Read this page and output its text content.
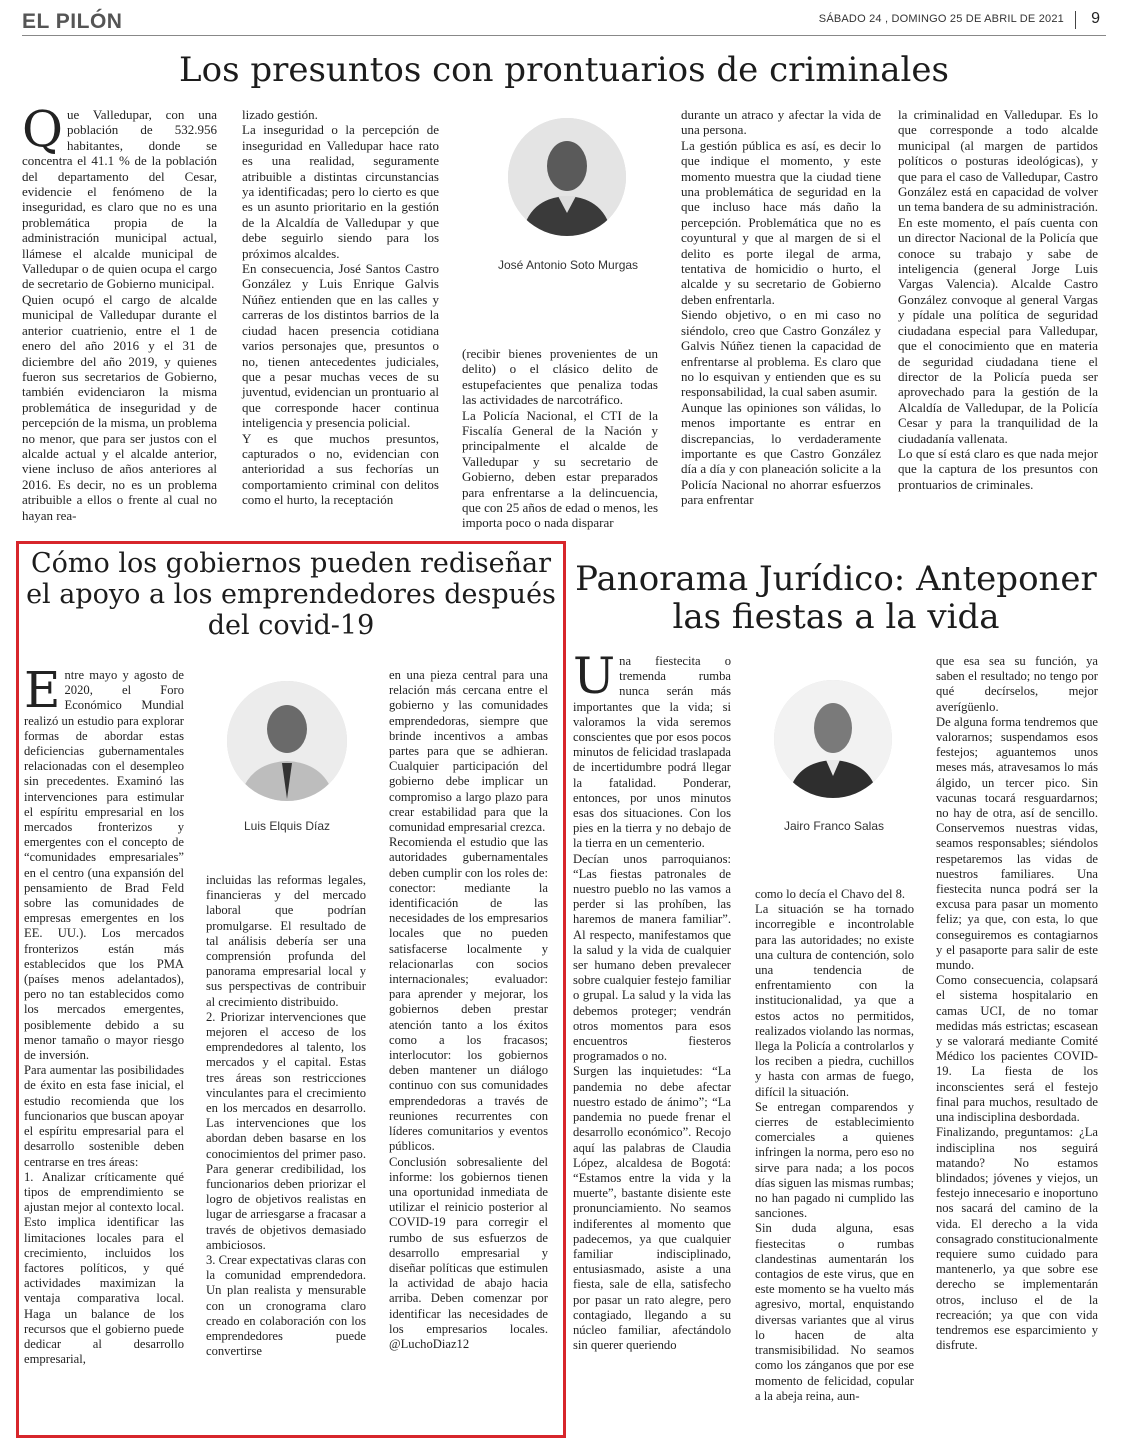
EL PILÓN	SÁBADO 24 , DOMINGO 25 DE ABRIL DE 2021 9
Los presuntos con prontuarios de criminales
Q ue Valledupar, con una población de 532.956 habitantes, donde se concentra el 41.1 % de la población del departamento del Cesar, evidencie el fenómeno de la inseguridad, es claro que no es una problemática propia de la administración municipal actual, llámese el alcalde municipal de Valledupar o de quien ocupa el cargo de secretario de Gobierno municipal.
Quien ocupó el cargo de alcalde municipal de Valledupar durante el anterior cuatrienio, entre el 1 de enero del año 2016 y el 31 de diciembre del año 2019, y quienes fueron sus secretarios de Gobierno, también evidenciaron la misma problemática de inseguridad y de percepción de la misma, un problema no menor, que para ser justos con el alcalde actual y el alcalde anterior, viene incluso de años anteriores al 2016. Es decir, no es un problema atribuible a ellos o frente al cual no hayan rea-
lizado gestión.
La inseguridad o la percepción de inseguridad en Valledupar hace rato es una realidad, seguramente atribuible a distintas circunstancias ya identificadas; pero lo cierto es que es un asunto prioritario en la gestión de la Alcaldía de Valledupar y que debe seguirlo siendo para los próximos alcaldes.
En consecuencia, José Santos Castro González y Luis Enrique Galvis Núñez entienden que en las calles y carreras de los distintos barrios de la ciudad hacen presencia cotidiana varios personajes que, presuntos o no, tienen antecedentes judiciales, que a pesar muchas veces de su juventud, evidencian un prontuario al que corresponde hacer continua inteligencia y presencia policial.
Y es que muchos presuntos, capturados o no, evidencian con anterioridad a sus fechorías un comportamiento criminal con delitos como el hurto, la receptación
José Antonio Soto Murgas
(recibir bienes provenientes de un delito) o el clásico delito de estupefacientes que penaliza todas las actividades de narcotráfico.
La Policía Nacional, el CTI de la Fiscalía General de la Nación y principalmente el alcalde de Valledupar y su secretario de Gobierno, deben estar preparados para enfrentarse a la delincuencia, que con 25 años de edad o menos, les importa poco o nada disparar
durante un atraco y afectar la vida de una persona.
La gestión pública es así, es decir lo que indique el momento, y este momento muestra que la ciudad tiene una problemática de seguridad en la que incluso hace más daño la percepción. Problemática que no es coyuntural y que al margen de si el delito es porte ilegal de arma, tentativa de homicidio o hurto, el alcalde y su secretario de Gobierno deben enfrentarla.
Siendo objetivo, o en mi caso no siéndolo, creo que Castro González y Galvis Núñez tienen la capacidad de enfrentarse al problema. Es claro que no lo esquivan y entienden que es su responsabilidad, la cual saben asumir.
Aunque las opiniones son válidas, lo menos importante es entrar en discrepancias, lo verdaderamente importante es que Castro González día a día y con planeación solicite a la Policía Nacional no ahorrar esfuerzos para enfrentar
la criminalidad en Valledupar. Es lo que corresponde a todo alcalde municipal (al margen de partidos políticos o posturas ideológicas), y que para el caso de Valledupar, Castro González está en capacidad de volver un tema bandera de su administración.
En este momento, el país cuenta con un director Nacional de la Policía que conoce su trabajo y sabe de inteligencia (general Jorge Luis Vargas Valencia). Alcalde Castro González convoque al general Vargas y pídale una política de seguridad ciudadana especial para Valledupar, que el conocimiento que en materia de seguridad ciudadana tiene el director de la Policía pueda ser aprovechado para la gestión de la Alcaldía de Valledupar, de la Policía Cesar y para la tranquilidad de la ciudadanía vallenata.
Lo que sí está claro es que nada mejor que la captura de los presuntos con prontuarios de criminales.
Cómo los gobiernos pueden rediseñar el apoyo a los emprendedores después del covid-19
E ntre mayo y agosto de 2020, el Foro Económico Mundial realizó un estudio para explorar formas de abordar estas deficiencias gubernamentales relacionadas con el desempleo sin precedentes. Examinó las intervenciones para estimular el espíritu empresarial en los mercados fronterizos y emergentes con el concepto de “comunidades empresariales” en el centro (una expansión del pensamiento de Brad Feld sobre las comunidades de empresas emergentes en los EE. UU.). Los mercados fronterizos están más establecidos que los PMA (países menos adelantados), pero no tan establecidos como los mercados emergentes, posiblemente debido a su menor tamaño o mayor riesgo de inversión.
Para aumentar las posibilidades de éxito en esta fase inicial, el estudio recomienda que los funcionarios que buscan apoyar el espíritu empresarial para el desarrollo sostenible deben centrarse en tres áreas:
1. Analizar críticamente qué tipos de emprendimiento se ajustan mejor al contexto local. Esto implica identificar las limitaciones locales para el crecimiento, incluidos los factores políticos, y qué actividades maximizan la ventaja comparativa local. Haga un balance de los recursos que el gobierno puede dedicar al desarrollo empresarial,
Luis Elquis Díaz
incluidas las reformas legales, financieras y del mercado laboral que podrían promulgarse. El resultado de tal análisis debería ser una comprensión profunda del panorama empresarial local y sus perspectivas de contribuir al crecimiento distribuido.
2. Priorizar intervenciones que mejoren el acceso de los emprendedores al talento, los mercados y el capital. Estas tres áreas son restricciones vinculantes para el crecimiento en los mercados en desarrollo. Las intervenciones que los abordan deben basarse en los conocimientos del primer paso. Para generar credibilidad, los funcionarios deben priorizar el logro de objetivos realistas en lugar de arriesgarse a fracasar a través de objetivos demasiado ambiciosos.
3. Crear expectativas claras con la comunidad emprendedora. Un plan realista y mensurable con un cronograma claro creado en colaboración con los emprendedores puede convertirse
en una pieza central para una relación más cercana entre el gobierno y las comunidades emprendedoras, siempre que brinde incentivos a ambas partes para que se adhieran. Cualquier participación del gobierno debe implicar un compromiso a largo plazo para crear estabilidad para que la comunidad empresarial crezca.
Recomienda el estudio que las autoridades gubernamentales deben cumplir con los roles de: conector: mediante la identificación de las necesidades de los empresarios locales que no pueden satisfacerse localmente y relacionarlas con socios internacionales; evaluador: para aprender y mejorar, los gobiernos deben prestar atención tanto a los éxitos como a los fracasos; interlocutor: los gobiernos deben mantener un diálogo continuo con sus comunidades emprendedoras a través de reuniones recurrentes con líderes comunitarios y eventos públicos.
Conclusión sobresaliente del informe: los gobiernos tienen una oportunidad inmediata de utilizar el reinicio posterior al COVID-19 para corregir el rumbo de sus esfuerzos de desarrollo empresarial y diseñar políticas que estimulen la actividad de abajo hacia arriba. Deben comenzar por identificar las necesidades de los empresarios locales. @LuchoDiaz12
Panorama Jurídico: Anteponer las fiestas a la vida
U na fiestecita o tremenda rumba nunca serán más importantes que la vida; si valoramos la vida seremos conscientes que por esos pocos minutos de felicidad traslapada de incertidumbre podrá llegar la fatalidad. Ponderar, entonces, por unos minutos esas dos situaciones. Con los pies en la tierra y no debajo de la tierra en un cementerio.
Decían unos parroquianos: “Las fiestas patronales de nuestro pueblo no las vamos a perder si las prohíben, las haremos de manera familiar”. Al respecto, manifestamos que la salud y la vida de cualquier ser humano deben prevalecer sobre cualquier festejo familiar o grupal. La salud y la vida las debemos proteger; vendrán otros momentos para esos encuentros fiesteros programados o no.
Surgen las inquietudes: “La pandemia no debe afectar nuestro estado de ánimo”; “La pandemia no puede frenar el desarrollo económico”. Recojo aquí las palabras de Claudia López, alcaldesa de Bogotá: “Estamos entre la vida y la muerte”, bastante disiente este pronunciamiento. No seamos indiferentes al momento que padecemos, ya que cualquier familiar indisciplinado, entusiasmado, asiste a una fiesta, sale de ella, satisfecho por pasar un rato alegre, pero contagiado, llegando a su núcleo familiar, afectándolo sin querer queriendo
Jairo Franco Salas
como lo decía el Chavo del 8.
La situación se ha tornado incorregible e incontrolable para las autoridades; no existe una cultura de contención, solo una tendencia de enfrentamiento con la institucionalidad, ya que a estos actos no permitidos, realizados violando las normas, llega la Policía a controlarlos y los reciben a piedra, cuchillos y hasta con armas de fuego, difícil la situación.
Se entregan comparendos y cierres de establecimiento comerciales a quienes infringen la norma, pero eso no sirve para nada; a los pocos días siguen las mismas rumbas; no han pagado ni cumplido las sanciones.
Sin duda alguna, esas fiestecitas o rumbas clandestinas aumentarán los contagios de este virus, que en este momento se ha vuelto más agresivo, mortal, enquistando diversas variantes que al virus lo hacen de alta transmisibilidad. No seamos como los zánganos que por ese momento de felicidad, copular a la abeja reina, aun-
que esa sea su función, ya saben el resultado; no tengo por qué decírselos, mejor averígüenlo.
De alguna forma tendremos que valorarnos; suspendamos esos festejos; aguantemos unos meses más, atravesamos lo más álgido, un tercer pico. Sin vacunas tocará resguardarnos; no hay de otra, así de sencillo. Conservemos nuestras vidas, seamos responsables; siéndolos respetaremos las vidas de nuestros familiares. Una fiestecita nunca podrá ser la excusa para pasar un momento feliz; ya que, con esta, lo que conseguiremos es contagiarnos y el pasaporte para salir de este mundo.
Como consecuencia, colapsará el sistema hospitalario en camas UCI, de no tomar medidas más estrictas; escasean y se valorará mediante Comité Médico los pacientes COVID-19. La fiesta de los inconscientes será el festejo final para muchos, resultado de una indisciplina desbordada.
Finalizando, preguntamos: ¿La indisciplina nos seguirá matando? No estamos blindados; jóvenes y viejos, un festejo innecesario e inoportuno nos sacará del camino de la vida. El derecho a la vida consagrado constitucionalmente requiere sumo cuidado para mantenerlo, ya que sobre ese derecho se implementarán otros, incluso el de la recreación; ya que con vida tendremos ese esparcimiento y disfrute.
